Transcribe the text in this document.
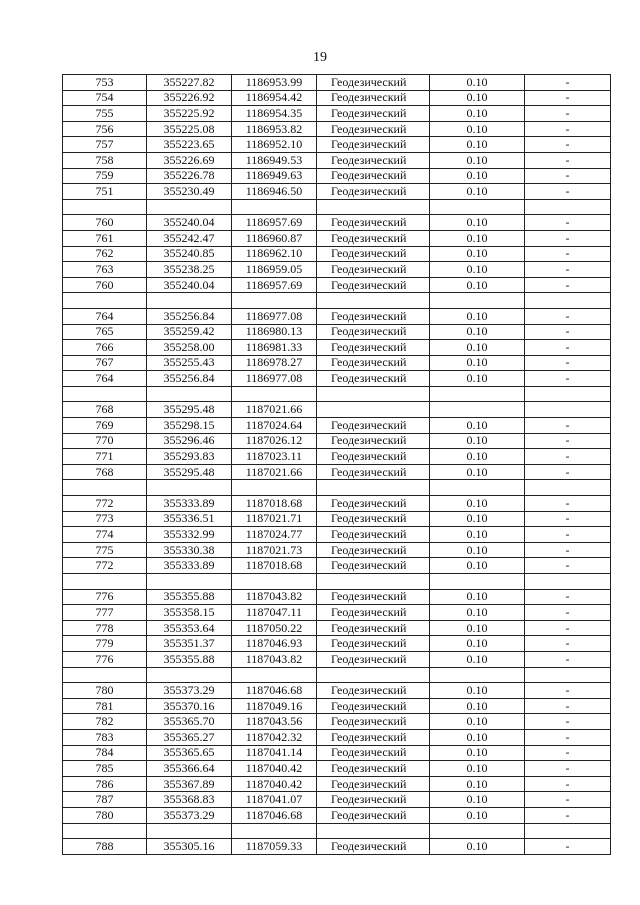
19
753	355227.82	1186953.99	Геодезический	0.10	-
754	355226.92	1186954.42	Геодезический	0.10	-
755	355225.92	1186954.35	Геодезический	0.10	-
756	355225.08	1186953.82	Геодезический	0.10	-
757	355223.65	1186952.10	Геодезический	0.10	-
758	355226.69	1186949.53	Геодезический	0.10	-
759	355226.78	1186949.63	Геодезический	0.10	-
751	355230.49	1186946.50	Геодезический	0.10	-

760	355240.04	1186957.69	Геодезический	0.10	-
761	355242.47	1186960.87	Геодезический	0.10	-
762	355240.85	1186962.10	Геодезический	0.10	-
763	355238.25	1186959.05	Геодезический	0.10	-
760	355240.04	1186957.69	Геодезический	0.10	-

764	355256.84	1186977.08	Геодезический	0.10	-
765	355259.42	1186980.13	Геодезический	0.10	-
766	355258.00	1186981.33	Геодезический	0.10	-
767	355255.43	1186978.27	Геодезический	0.10	-
764	355256.84	1186977.08	Геодезический	0.10	-

768	355295.48	1187021.66			
769	355298.15	1187024.64	Геодезический	0.10	-
770	355296.46	1187026.12	Геодезический	0.10	-
771	355293.83	1187023.11	Геодезический	0.10	-
768	355295.48	1187021.66	Геодезический	0.10	-

772	355333.89	1187018.68	Геодезический	0.10	-
773	355336.51	1187021.71	Геодезический	0.10	-
774	355332.99	1187024.77	Геодезический	0.10	-
775	355330.38	1187021.73	Геодезический	0.10	-
772	355333.89	1187018.68	Геодезический	0.10	-

776	355355.88	1187043.82	Геодезический	0.10	-
777	355358.15	1187047.11	Геодезический	0.10	-
778	355353.64	1187050.22	Геодезический	0.10	-
779	355351.37	1187046.93	Геодезический	0.10	-
776	355355.88	1187043.82	Геодезический	0.10	-

780	355373.29	1187046.68	Геодезический	0.10	-
781	355370.16	1187049.16	Геодезический	0.10	-
782	355365.70	1187043.56	Геодезический	0.10	-
783	355365.27	1187042.32	Геодезический	0.10	-
784	355365.65	1187041.14	Геодезический	0.10	-
785	355366.64	1187040.42	Геодезический	0.10	-
786	355367.89	1187040.42	Геодезический	0.10	-
787	355368.83	1187041.07	Геодезический	0.10	-
780	355373.29	1187046.68	Геодезический	0.10	-

788	355305.16	1187059.33	Геодезический	0.10	-
